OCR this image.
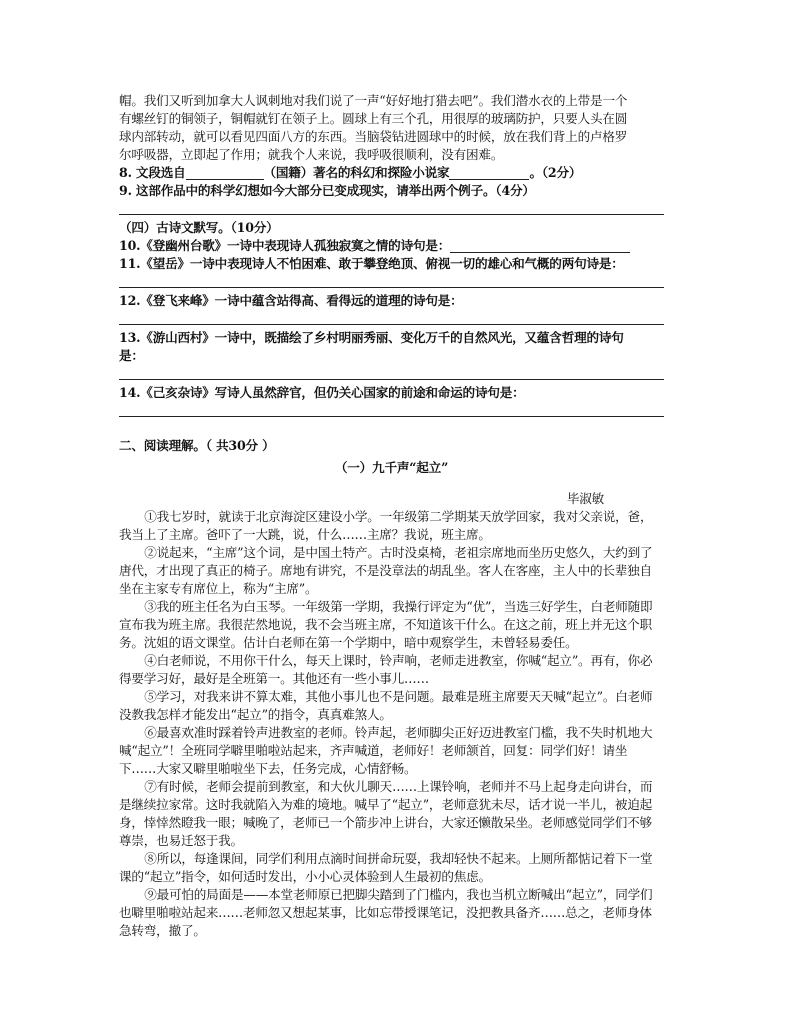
帽。我们又听到加拿大人讽刺地对我们说了一声“好好地打猎去吧”。我们潜水衣的上带是一个

有螺丝钉的铜领子，铜帽就钉在领子上。圆球上有三个孔，用很厚的玻璃防护，只要人头在圆

球内部转动，就可以看见四面八方的东西。当脑袋钻进圆球中的时候，放在我们背上的卢格罗

尔呼吸器，立即起了作用；就我个人来说，我呼吸很顺利，没有困难。

8. 文段选自	（国籍）著名的科幻和探险小说家	。（2分）

9. 这部作品中的科学幻想如今大部分已变成现实，请举出两个例子。（4分）

（四）古诗文默写。（10分）

10.《登幽州台歌》一诗中表现诗人孤独寂寞之情的诗句是：

11.《望岳》一诗中表现诗人不怕困难、敢于攀登绝顶、俯视一切的雄心和气概的两句诗是：

12.《登飞来峰》一诗中蕴含站得高、看得远的道理的诗句是：

13.《游山西村》一诗中，既描绘了乡村明丽秀丽、变化万千的自然风光，又蕴含哲理的诗句

是：

14.《己亥杂诗》写诗人虽然辞官，但仍关心国家的前途和命运的诗句是：

二、阅读理解。（ 共30分 ）

（一）九千声“起立”

毕淑敏

①我七岁时，就读于北京海淀区建设小学。一年级第二学期某天放学回家，我对父亲说，爸，我当上了主席。爸吓了一大跳，说，什么……主席？我说，班主席。

②说起来，“主席”这个词，是中国土特产。古时没桌椅，老祖宗席地而坐历史悠久，大约到了唐代，才出现了真正的椅子。席地有讲究，不是没章法的胡乱坐。客人在客座，主人中的长辈独自坐在主家专有席位上，称为“主席”。

③我的班主任名为白玉琴。一年级第一学期，我操行评定为“优”，当选三好学生，白老师随即宣布我为班主席。我很茫然地说，我不会当班主席，不知道该干什么。在这之前，班上并无这个职务。沈姐的语文课堂。估计白老师在第一个学期中，暗中观察学生，未曾轻易委任。

④白老师说，不用你干什么，每天上课时，铃声响，老师走进教室，你喊“起立”。再有，你必得要学习好，最好是全班第一。其他还有一些小事儿……

⑤学习，对我来讲不算太难，其他小事儿也不是问题。最难是班主席要天天喊“起立”。白老师没教我怎样才能发出“起立”的指令，真真难煞人。

⑥最喜欢准时踩着铃声进教室的老师。铃声起，老师脚尖正好迈进教室门槛，我不失时机地大喊“起立”！全班同学噼里啪啦站起来，齐声喊道，老师好！老师颔首，回复：同学们好！请坐下……大家又噼里啪啦坐下去，任务完成，心情舒畅。

⑦有时候，老师会提前到教室，和大伙儿聊天……上课铃响，老师并不马上起身走向讲台，而是继续拉家常。这时我就陷入为难的境地。喊早了“起立”，老师意犹未尽，话才说一半儿，被迫起身，悻悻然瞪我一眼；喊晚了，老师已一个箭步冲上讲台，大家还懒散呆坐。老师感觉同学们不够尊崇，也易迁怒于我。

⑧所以，每逢课间，同学们利用点滴时间拼命玩耍，我却轻快不起来。上厕所都惦记着下一堂课的“起立”指令，如何适时发出，小小心灵体验到人生最初的焦虑。

⑨最可怕的局面是——本堂老师原已把脚尖踏到了门槛内，我也当机立断喊出“起立”，同学们也噼里啪啦站起来……老师忽又想起某事，比如忘带授课笔记，没把教具备齐……总之，老师身体急转弯，撤了。
